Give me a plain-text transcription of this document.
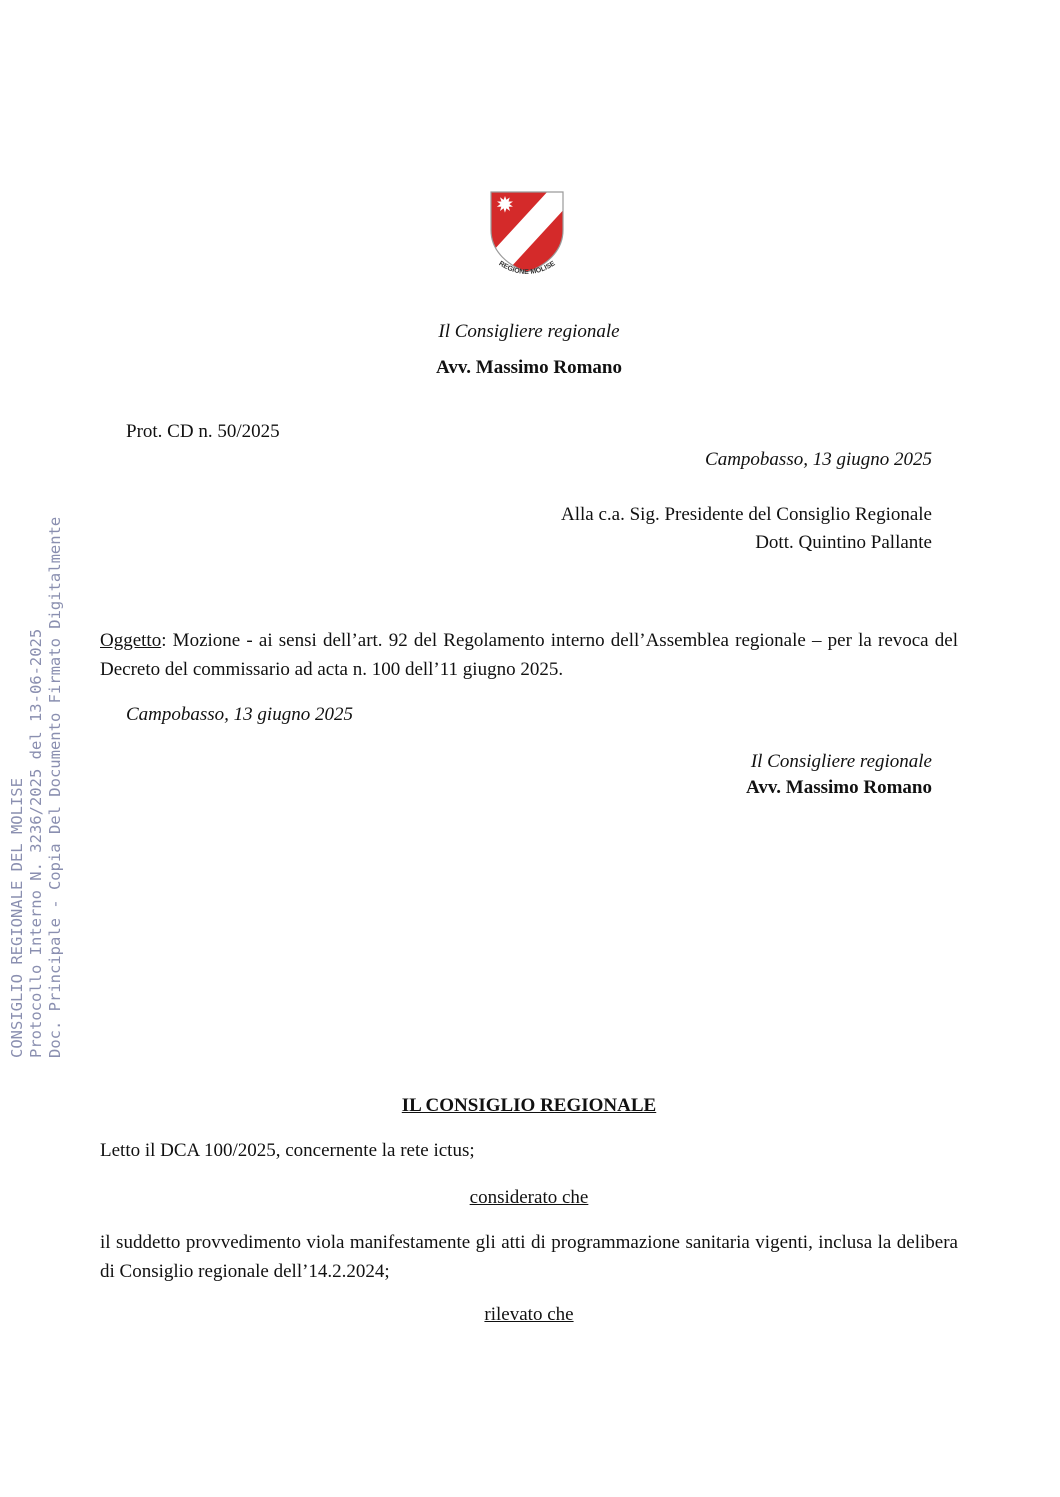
REGIONE MOLISE

Il Consigliere regionale

Avv. Massimo Romano

Prot. CD n. 50/2025

Campobasso, 13 giugno 2025

Alla c.a. Sig. Presidente del Consiglio Regionale

Dott. Quintino Pallante

Oggetto: Mozione - ai sensi dell’art. 92 del Regolamento interno dell’Assemblea regionale – per la revoca del Decreto del commissario ad acta n. 100 dell’11 giugno 2025.

Campobasso, 13 giugno 2025

Il Consigliere regionale

Avv. Massimo Romano

CONSIGLIO REGIONALE DEL MOLISE Protocollo Interno N. 3236/2025 del 13-06-2025 Doc. Principale - Copia Del Documento Firmato Digitalmente

IL CONSIGLIO REGIONALE

Letto il DCA 100/2025, concernente la rete ictus;

considerato che

il suddetto provvedimento viola manifestamente gli atti di programmazione sanitaria vigenti, inclusa la delibera di Consiglio regionale dell’14.2.2024;

rilevato che
